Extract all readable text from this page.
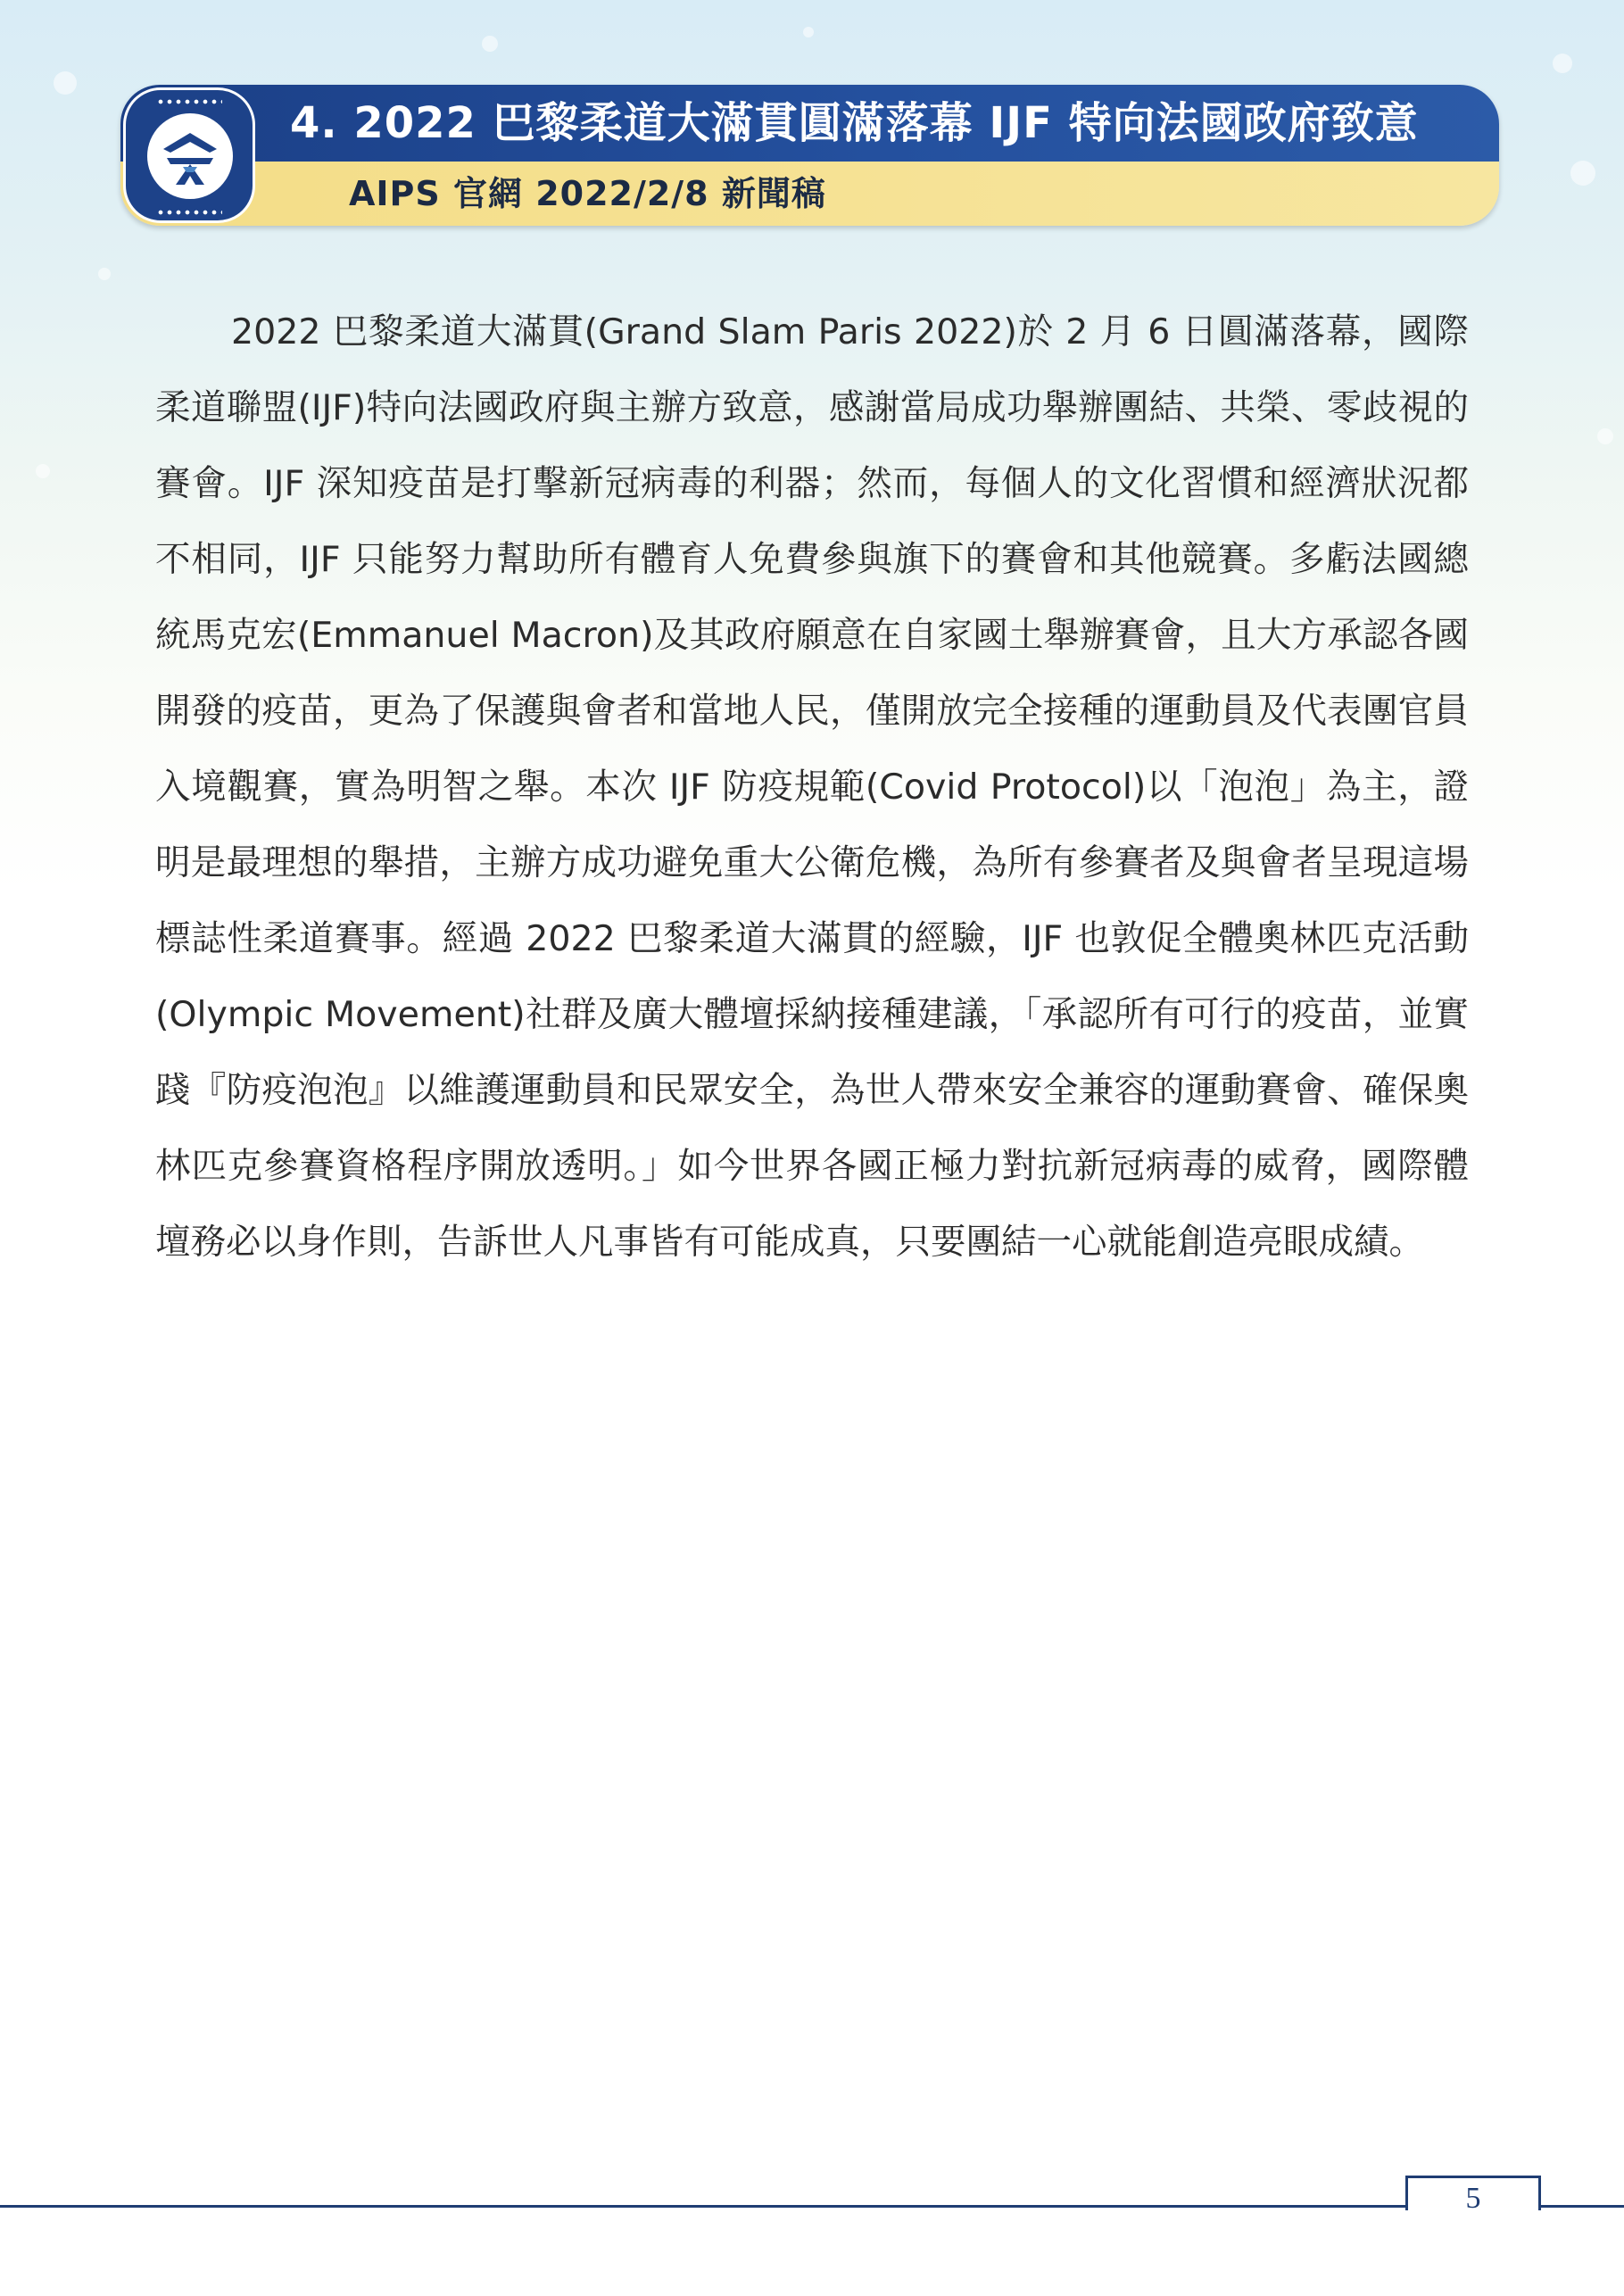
4. 2022 巴黎柔道大滿貫圓滿落幕 IJF 特向法國政府致意
AIPS 官網 2022/2/8 新聞稿
2022 巴黎柔道大滿貫(Grand Slam Paris 2022)於 2 月 6 日圓滿落幕，國際柔道聯盟(IJF)特向法國政府與主辦方致意，感謝當局成功舉辦團結、共榮、零歧視的賽會。IJF 深知疫苗是打擊新冠病毒的利器；然而，每個人的文化習慣和經濟狀況都不相同，IJF 只能努力幫助所有體育人免費參與旗下的賽會和其他競賽。多虧法國總統馬克宏(Emmanuel Macron)及其政府願意在自家國土舉辦賽會，且大方承認各國開發的疫苗，更為了保護與會者和當地人民，僅開放完全接種的運動員及代表團官員入境觀賽，實為明智之舉。本次 IJF 防疫規範(Covid Protocol)以「泡泡」為主，證明是最理想的舉措，主辦方成功避免重大公衛危機，為所有參賽者及與會者呈現這場標誌性柔道賽事。經過 2022 巴黎柔道大滿貫的經驗，IJF 也敦促全體奧林匹克活動(Olympic Movement)社群及廣大體壇採納接種建議，「承認所有可行的疫苗，並實踐『防疫泡泡』以維護運動員和民眾安全，為世人帶來安全兼容的運動賽會、確保奧林匹克參賽資格程序開放透明。」如今世界各國正極力對抗新冠病毒的威脅，國際體壇務必以身作則，告訴世人凡事皆有可能成真，只要團結一心就能創造亮眼成績。
5
